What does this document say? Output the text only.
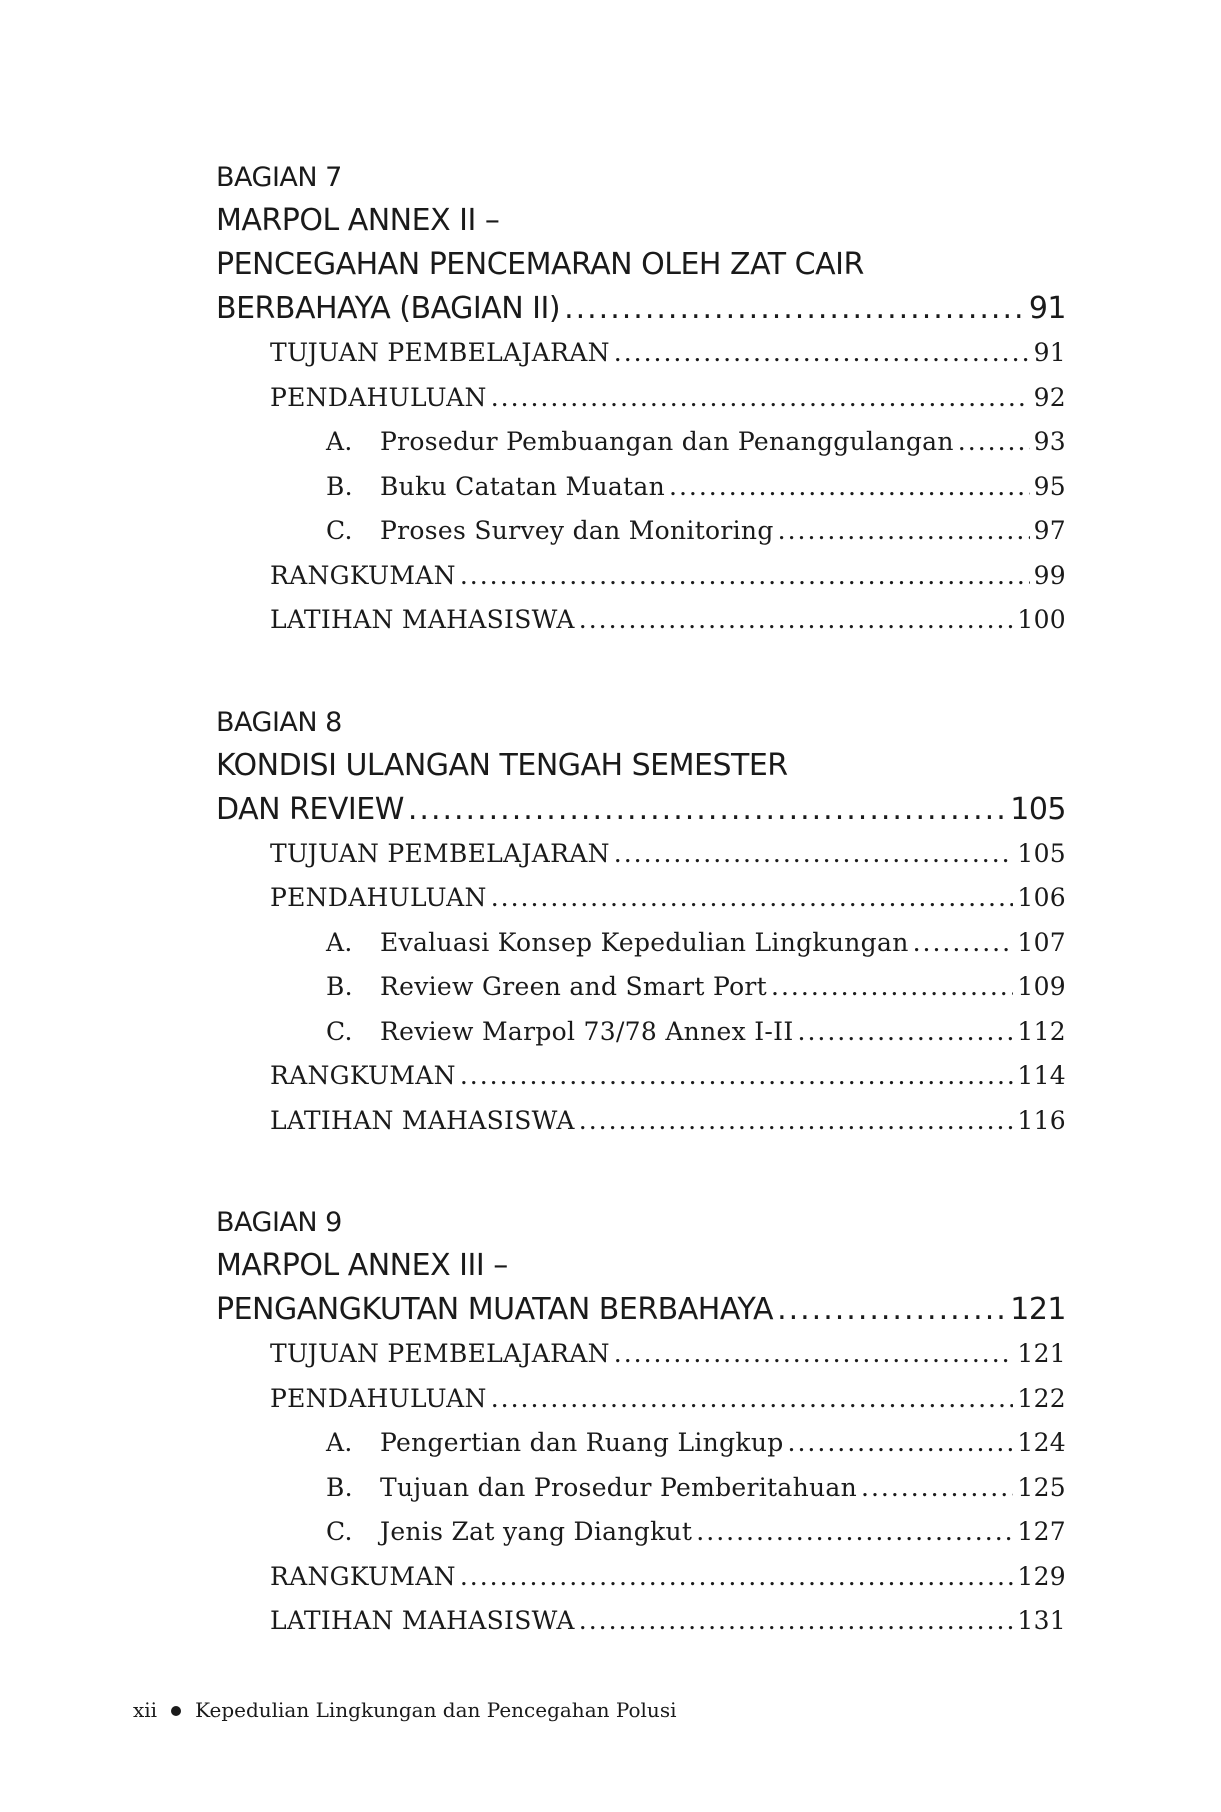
BAGIAN 7
MARPOL ANNEX II –
PENCEGAHAN PENCEMARAN OLEH ZAT CAIR
BERBAHAYA (BAGIAN II) .....	91
TUJUAN PEMBELAJARAN .....	91
PENDAHULUAN .....	92
A. Prosedur Pembuangan dan Penanggulangan .....	93
B. Buku Catatan Muatan .....	95
C. Proses Survey dan Monitoring .....	97
RANGKUMAN .....	99
LATIHAN MAHASISWA .....	100
BAGIAN 8
KONDISI ULANGAN TENGAH SEMESTER
DAN REVIEW .....	105
TUJUAN PEMBELAJARAN .....	105
PENDAHULUAN .....	106
A. Evaluasi Konsep Kepedulian Lingkungan .....	107
B. Review Green and Smart Port .....	109
C. Review Marpol 73/78 Annex I-II .....	112
RANGKUMAN .....	114
LATIHAN MAHASISWA .....	116
BAGIAN 9
MARPOL ANNEX III –
PENGANGKUTAN MUATAN BERBAHAYA .....	121
TUJUAN PEMBELAJARAN .....	121
PENDAHULUAN .....	122
A. Pengertian dan Ruang Lingkup .....	124
B. Tujuan dan Prosedur Pemberitahuan .....	125
C. Jenis Zat yang Diangkut .....	127
RANGKUMAN .....	129
LATIHAN MAHASISWA .....	131
xii Kepedulian Lingkungan dan Pencegahan Polusi
